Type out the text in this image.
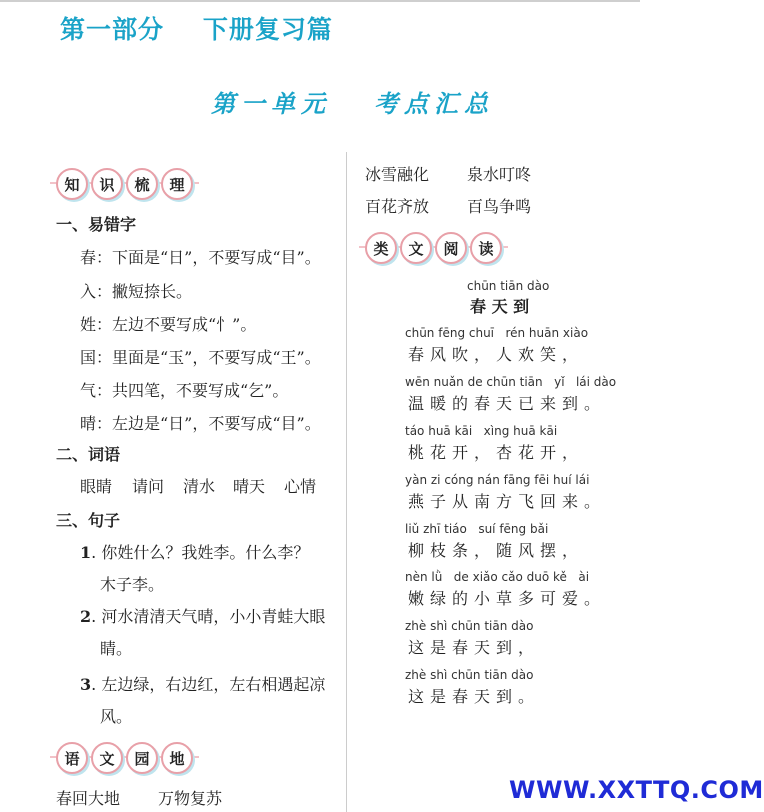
第一部分    下册复习篇
第一单元   考点汇总
知	识	梳	理
一、易错字
春：下面是“日”，不要写成“目”。
入：撇短捺长。
姓：左边不要写成“忄”。
国：里面是“玉”，不要写成“王”。
气：共四笔，不要写成“乞”。
晴：左边是“日”，不要写成“目”。
二、词语
眼睛 请问 清水 晴天 心情
三、句子
1. 你姓什么？我姓李。什么李？
木子李。
2. 河水清清天气晴，小小青蛙大眼
睛。
3. 左边绿，右边红，左右相遇起凉
风。
语	文	园	地
春回大地 万物复苏
冰雪融化 泉水叮咚
百花齐放 百鸟争鸣
类	文	阅	读
chūn tiān dào
春 天 到
chūn fēng chuī   rén huān xiào
春风吹，人欢笑，
wēn nuǎn de chūn tiān   yǐ   lái dào
温暖的春天已来到。
táo huā kāi   xìng huā kāi
桃花开，杏花开，
yàn zi cóng nán fāng fēi huí lái
燕子从南方飞回来。
liǔ zhī tiáo   suí fēng bǎi
柳枝条，随风摆，
nèn lǜ   de xiǎo cǎo duō kě   ài
嫩绿的小草多可爱。
zhè shì chūn tiān dào
这是春天到，
zhè shì chūn tiān dào
这是春天到。
WWW.XXTTQ.COM
